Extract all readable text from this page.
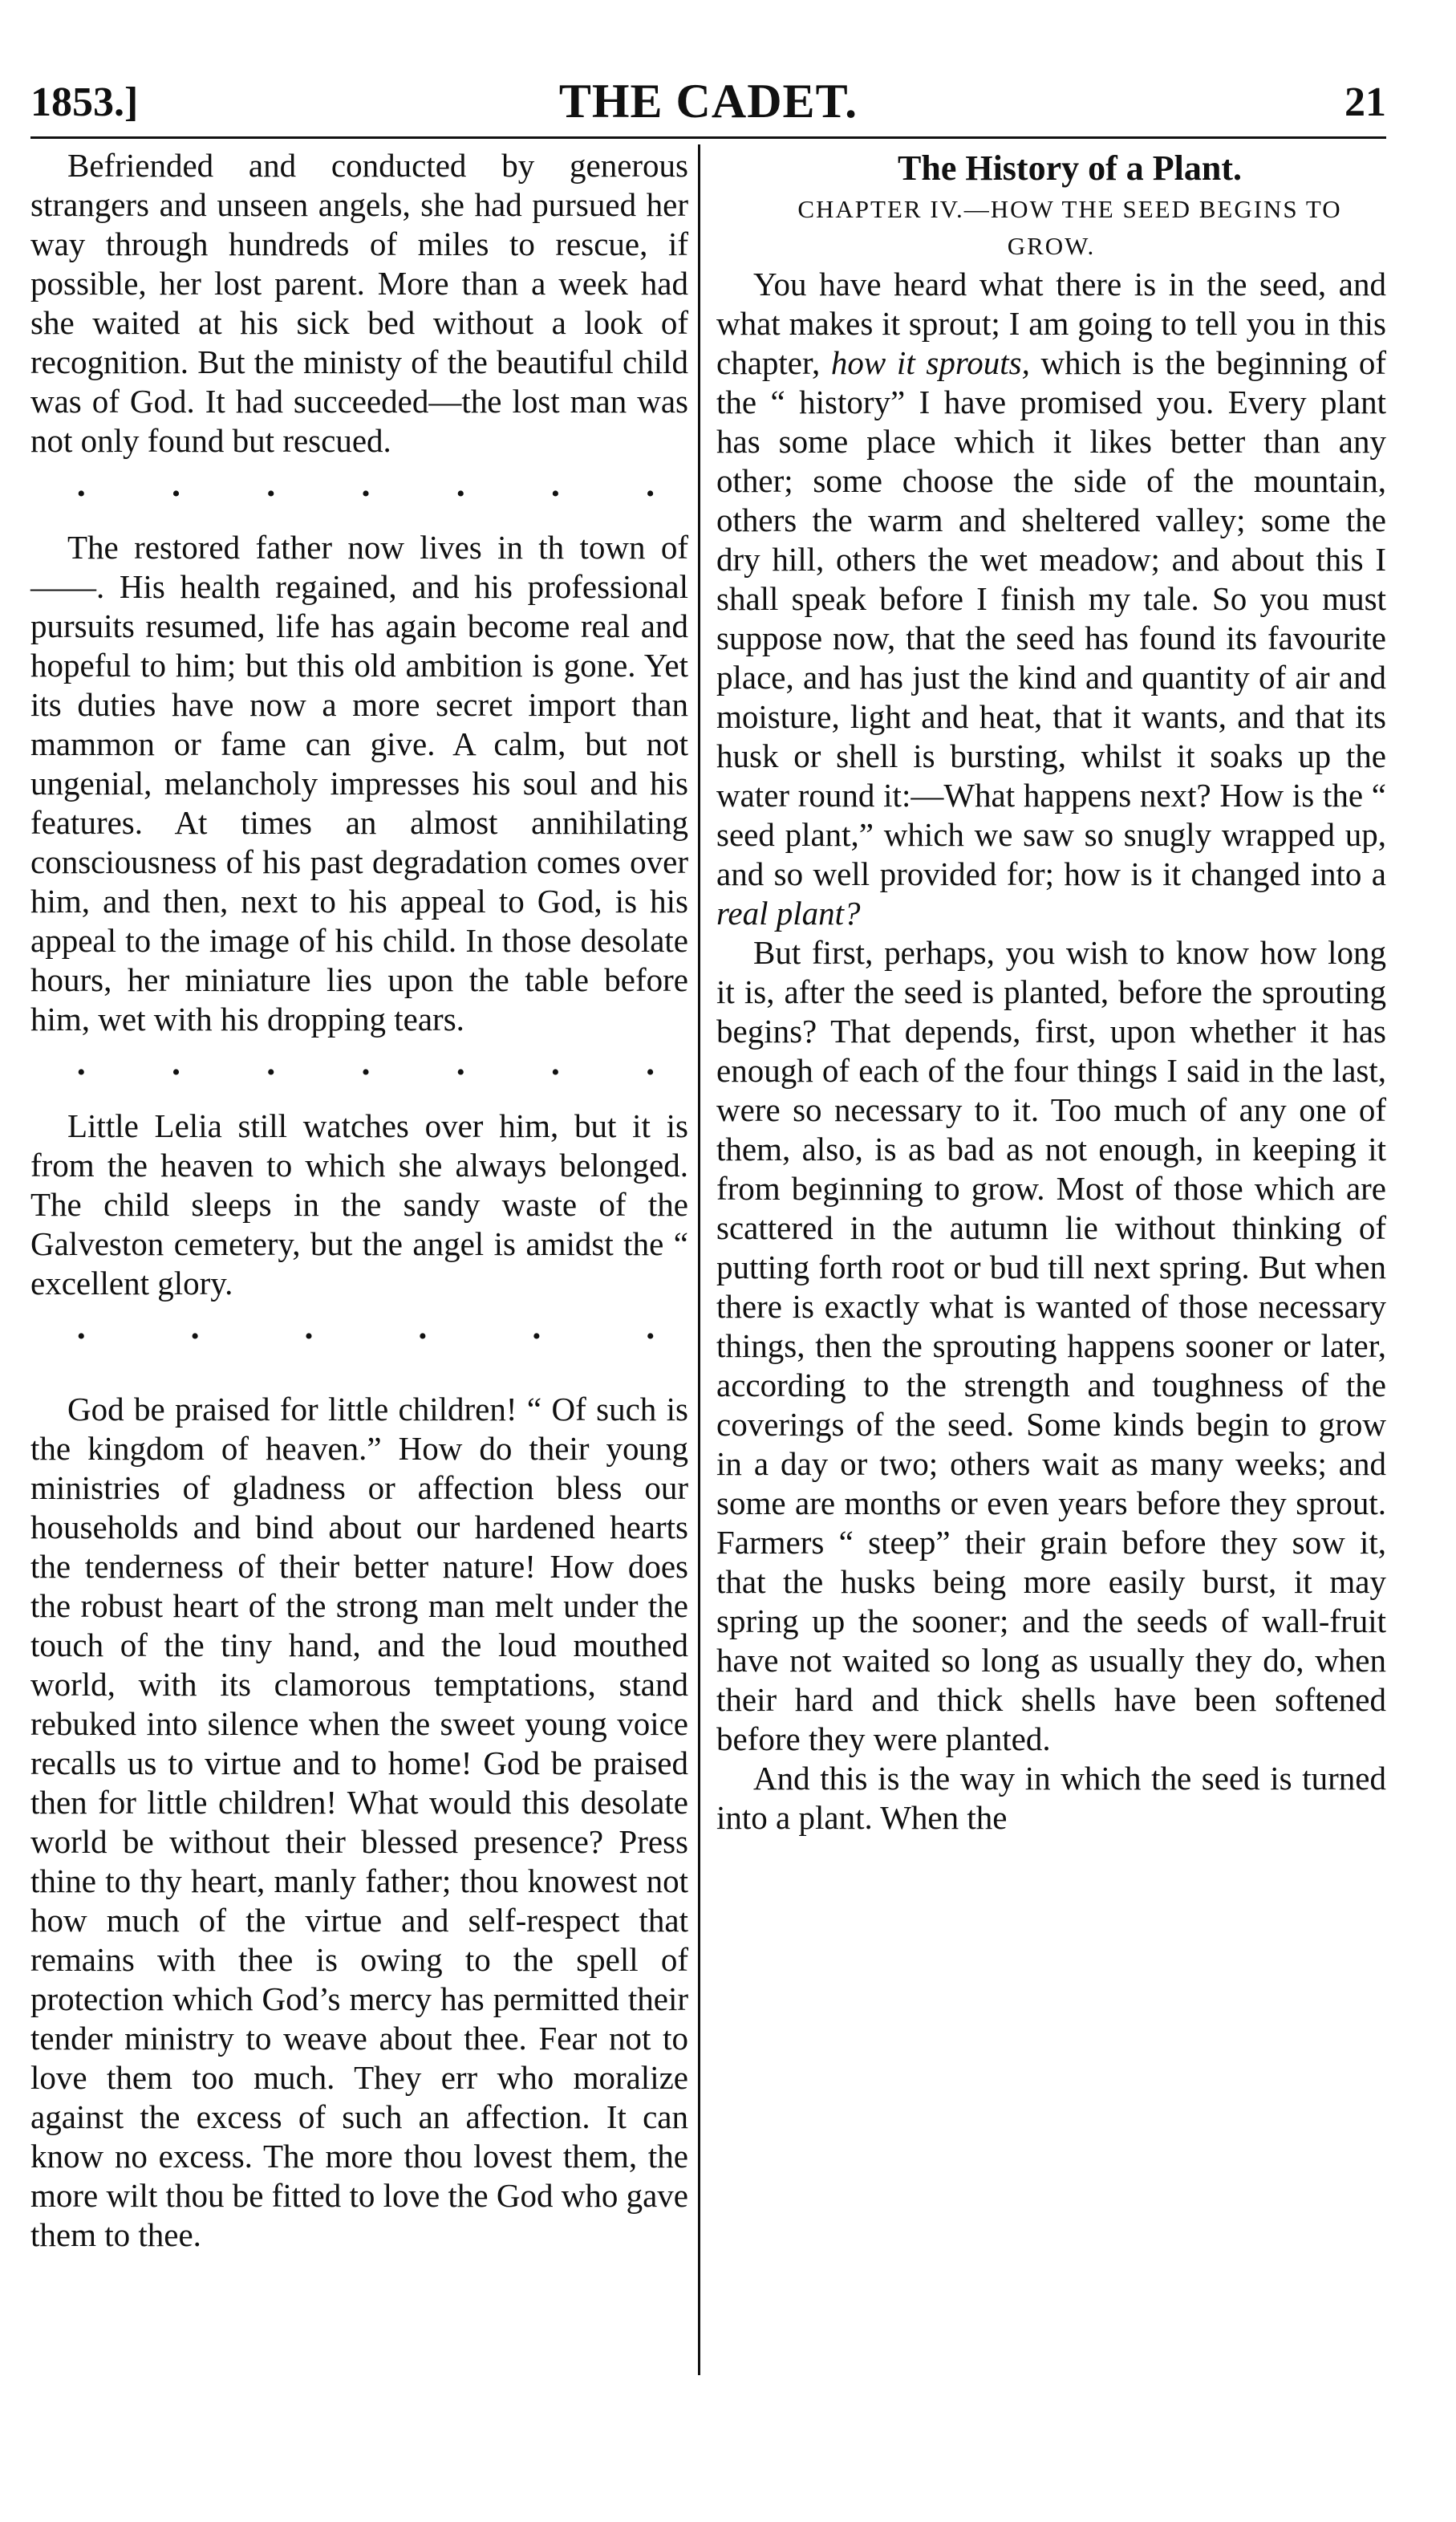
1853.]	THE CADET.	21

Befriended and conducted by generous strangers and unseen angels, she had pursued her way through hundreds of miles to rescue, if possible, her lost parent. More than a week had she waited at his sick bed without a look of recognition. But the ministy of the beautiful child was of God. It had succeeded—the lost man was not only found but rescued.

•	•	•	•	•	•	•

The restored father now lives in th town of ——. His health regained, and his professional pursuits resumed, life has again become real and hopeful to him; but this old ambition is gone. Yet its duties have now a more secret import than mammon or fame can give. A calm, but not ungenial, melancholy impresses his soul and his features. At times an almost annihilating consciousness of his past degradation comes over him, and then, next to his appeal to God, is his appeal to the image of his child. In those desolate hours, her miniature lies upon the table before him, wet with his dropping tears.

•	•	•	•	•	•	•

Little Lelia still watches over him, but it is from the heaven to which she always belonged. The child sleeps in the sandy waste of the Galveston cemetery, but the angel is amidst the “ excellent glory.

•	•	•	•	•	•

God be praised for little children! “ Of such is the kingdom of heaven.” How do their young ministries of gladness or affection bless our households and bind about our hardened hearts the tenderness of their better nature! How does the robust heart of the strong man melt under the touch of the tiny hand, and the loud mouthed world, with its clamorous temptations, stand rebuked into silence when the sweet young voice recalls us to virtue and to home! God be praised then for little children! What would this desolate world be without their blessed presence? Press thine to thy heart, manly father; thou knowest not how much of the virtue and self-respect that remains with thee is owing to the spell of protection which God’s mercy has permitted their tender ministry to weave about thee. Fear not to love them too much. They err who moralize against the excess of such an affection. It can know no excess. The more thou lovest them, the more wilt thou be fitted to love the God who gave them to thee.

The History of a Plant.

CHAPTER IV.—HOW THE SEED BEGINS TO GROW.

You have heard what there is in the seed, and what makes it sprout; I am going to tell you in this chapter, how it sprouts, which is the beginning of the “ history” I have promised you. Every plant has some place which it likes better than any other; some choose the side of the mountain, others the warm and sheltered valley; some the dry hill, others the wet meadow; and about this I shall speak before I finish my tale. So you must suppose now, that the seed has found its favourite place, and has just the kind and quantity of air and moisture, light and heat, that it wants, and that its husk or shell is bursting, whilst it soaks up the water round it:—What happens next? How is the “ seed plant,” which we saw so snugly wrapped up, and so well provided for; how is it changed into a real plant?

But first, perhaps, you wish to know how long it is, after the seed is planted, before the sprouting begins? That depends, first, upon whether it has enough of each of the four things I said in the last, were so necessary to it. Too much of any one of them, also, is as bad as not enough, in keeping it from beginning to grow. Most of those which are scattered in the autumn lie without thinking of putting forth root or bud till next spring. But when there is exactly what is wanted of those necessary things, then the sprouting happens sooner or later, according to the strength and toughness of the coverings of the seed. Some kinds begin to grow in a day or two; others wait as many weeks; and some are months or even years before they sprout. Farmers “ steep” their grain before they sow it, that the husks being more easily burst, it may spring up the sooner; and the seeds of wall-fruit have not waited so long as usually they do, when their hard and thick shells have been softened before they were planted.

And this is the way in which the seed is turned into a plant. When the
